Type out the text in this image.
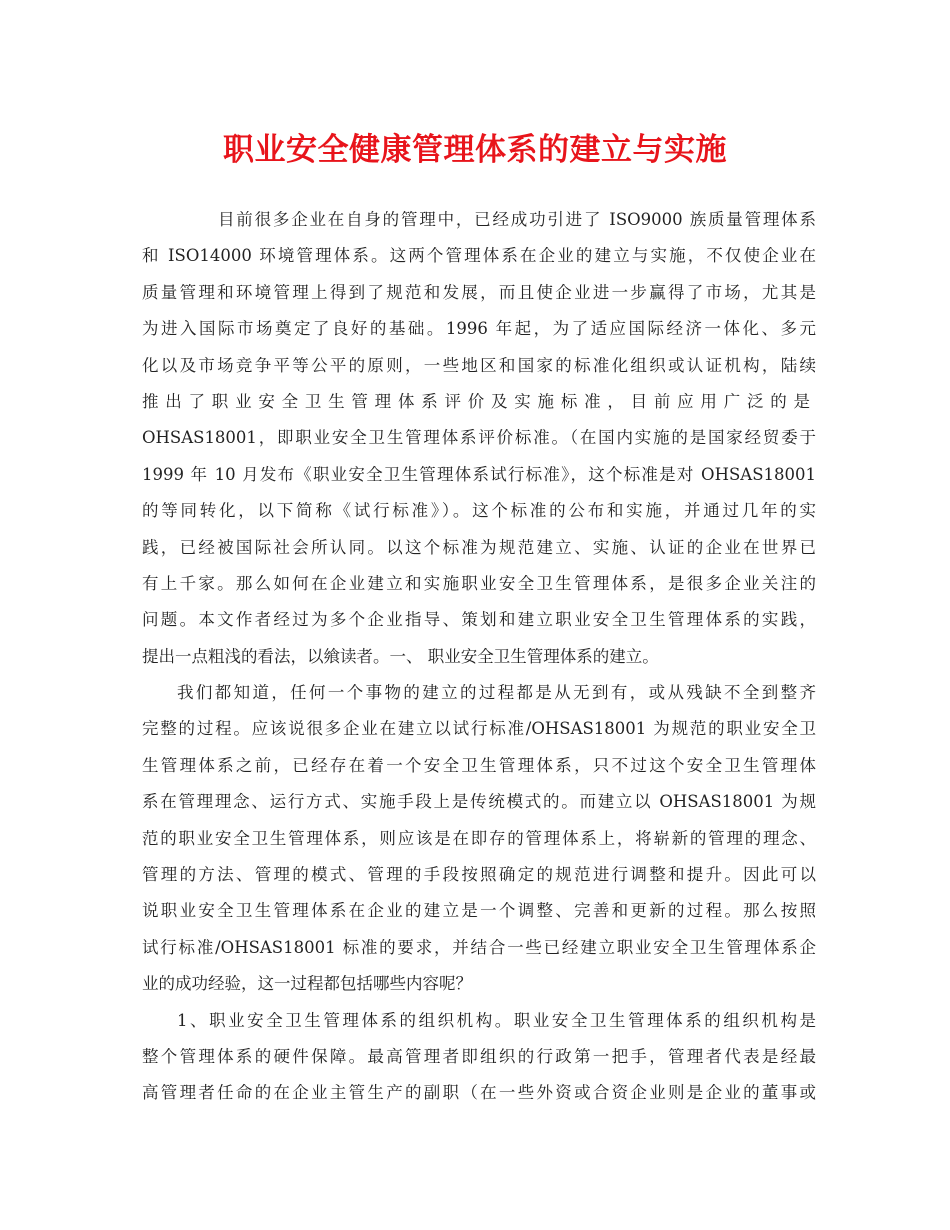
职业安全健康管理体系的建立与实施
目前很多企业在自身的管理中，已经成功引进了 ISO9000 族质量管理体系
和 ISO14000 环境管理体系。这两个管理体系在企业的建立与实施，不仅使企业在
质量管理和环境管理上得到了规范和发展，而且使企业进一步赢得了市场，尤其是
为进入国际市场奠定了良好的基础。1996 年起，为了适应国际经济一体化、多元
化以及市场竞争平等公平的原则，一些地区和国家的标准化组织或认证机构，陆续
推出了职业安全卫生管理体系评价及实施标准，目前应用广泛的是
OHSAS18001，即职业安全卫生管理体系评价标准。（在国内实施的是国家经贸委于
1999 年 10 月发布《职业安全卫生管理体系试行标准》，这个标准是对 OHSAS18001
的等同转化，以下简称《试行标准》）。这个标准的公布和实施，并通过几年的实
践，已经被国际社会所认同。以这个标准为规范建立、实施、认证的企业在世界已
有上千家。那么如何在企业建立和实施职业安全卫生管理体系，是很多企业关注的
问题。本文作者经过为多个企业指导、策划和建立职业安全卫生管理体系的实践，
提出一点粗浅的看法，以飨读者。一、 职业安全卫生管理体系的建立。
我们都知道，任何一个事物的建立的过程都是从无到有，或从残缺不全到整齐
完整的过程。应该说很多企业在建立以试行标准/OHSAS18001 为规范的职业安全卫
生管理体系之前，已经存在着一个安全卫生管理体系，只不过这个安全卫生管理体
系在管理理念、运行方式、实施手段上是传统模式的。而建立以 OHSAS18001 为规
范的职业安全卫生管理体系，则应该是在即存的管理体系上，将崭新的管理的理念、
管理的方法、管理的模式、管理的手段按照确定的规范进行调整和提升。因此可以
说职业安全卫生管理体系在企业的建立是一个调整、完善和更新的过程。那么按照
试行标准/OHSAS18001 标准的要求，并结合一些已经建立职业安全卫生管理体系企
业的成功经验，这一过程都包括哪些内容呢？
1、职业安全卫生管理体系的组织机构。职业安全卫生管理体系的组织机构是
整个管理体系的硬件保障。最高管理者即组织的行政第一把手，管理者代表是经最
高管理者任命的在企业主管生产的副职（在一些外资或合资企业则是企业的董事或
